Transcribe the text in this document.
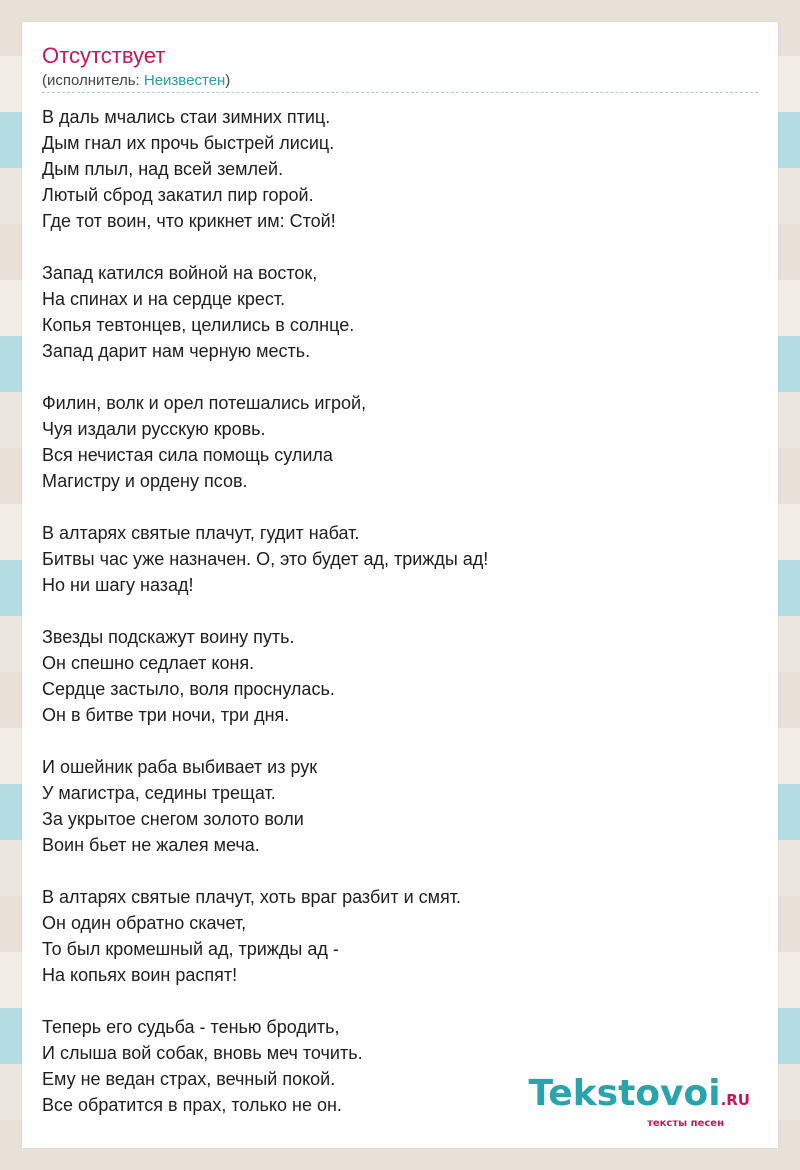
Отсутствует
(исполнитель: Неизвестен)
В даль мчались стаи зимних птиц.
Дым гнал их прочь быстрей лисиц.
Дым плыл, над всей землей.
Лютый сброд закатил пир горой.
Где тот воин, что крикнет им: Стой!
Запад катился войной на восток,
На спинах и на сердце крест.
Копья тевтонцев, целились в солнце.
Запад дарит нам черную месть.
Филин, волк и орел потешались игрой,
Чуя издали русскую кровь.
Вся нечистая сила помощь сулила
Магистру и ордену псов.
В алтарях святые плачут, гудит набат.
Битвы час уже назначен. О, это будет ад, трижды ад!
Но ни шагу назад!
Звезды подскажут воину путь.
Он спешно седлает коня.
Сердце застыло, воля проснулась.
Он в битве три ночи, три дня.
И ошейник раба выбивает из рук
У магистра, седины трещат.
За укрытое снегом золото воли
Воин бьет не жалея меча.
В алтарях святые плачут, хоть враг разбит и смят.
Он один обратно скачет,
То был кромешный ад, трижды ад -
На копьях воин распят!
Теперь его судьба - тенью бродить,
И слыша вой собак, вновь меч точить.
Ему не ведан страх, вечный покой.
Все обратится в прах, только не он.	Tekstovoi.RU
тексты песен
